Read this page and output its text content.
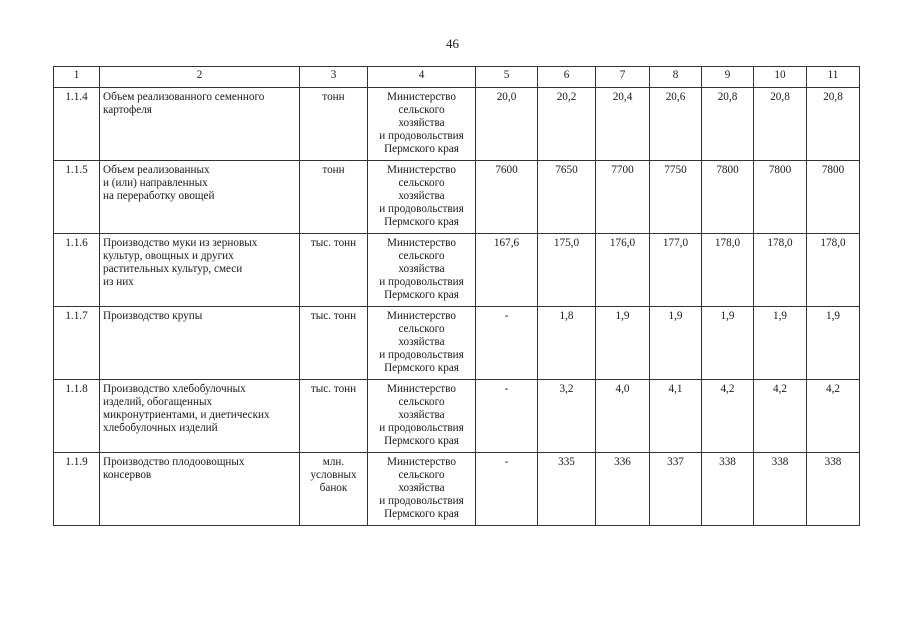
46
1	2	3	4	5	6	7	8	9	10	11
1.1.4	Объем реализованного семенного
картофеля	тонн	Министерство
сельского
хозяйства
и продовольствия
Пермского края	20,0	20,2	20,4	20,6	20,8	20,8	20,8
1.1.5	Объем реализованных
и (или) направленных
на переработку овощей	тонн	Министерство
сельского
хозяйства
и продовольствия
Пермского края	7600	7650	7700	7750	7800	7800	7800
1.1.6	Производство муки из зерновых
культур, овощных и других
растительных культур, смеси
из них	тыс. тонн	Министерство
сельского
хозяйства
и продовольствия
Пермского края	167,6	175,0	176,0	177,0	178,0	178,0	178,0
1.1.7	Производство крупы	тыс. тонн	Министерство
сельского
хозяйства
и продовольствия
Пермского края	-	1,8	1,9	1,9	1,9	1,9	1,9
1.1.8	Производство хлебобулочных
изделий, обогащенных
микронутриентами, и диетических
хлебобулочных изделий	тыс. тонн	Министерство
сельского
хозяйства
и продовольствия
Пермского края	-	3,2	4,0	4,1	4,2	4,2	4,2
1.1.9	Производство плодоовощных
консервов	млн.
условных
банок	Министерство
сельского
хозяйства
и продовольствия
Пермского края	-	335	336	337	338	338	338
